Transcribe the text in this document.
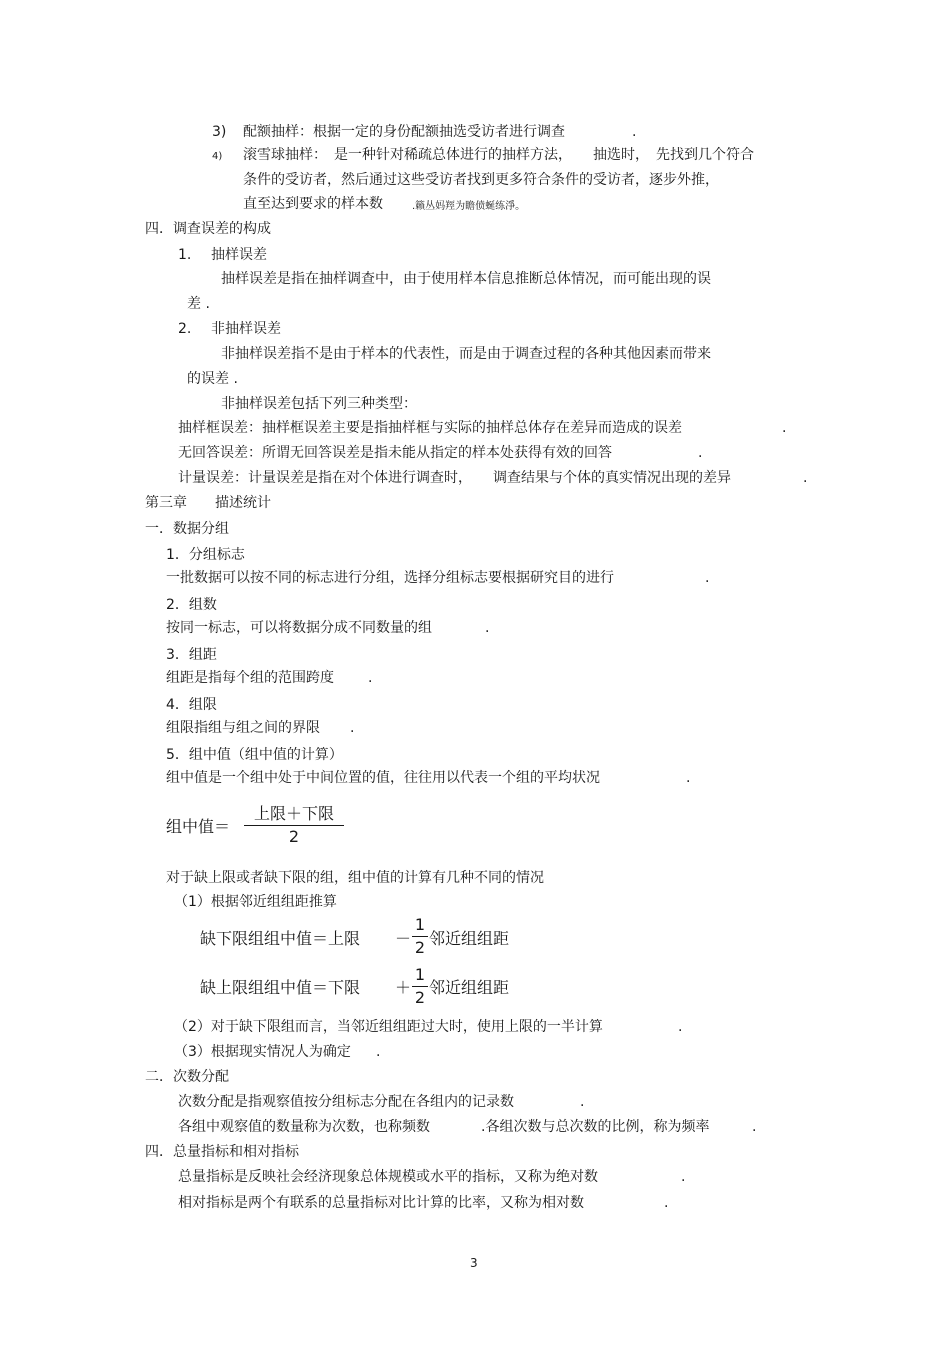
3) 配额抽样：根据一定的身份配额抽选受访者进行调查	.
4) 滚雪球抽样：　是一种针对稀疏总体进行的抽样方法，　　抽选时，　先找到几个符合
条件的受访者，然后通过这些受访者找到更多符合条件的受访者，逐步外推，
直至达到要求的样本数	.籟丛妈羥为瞻偾蜒练淨。
四．调查误差的构成
1. 抽样误差
抽样误差是指在抽样调查中，由于使用样本信息推断总体情况，而可能出现的误
差 .
2. 非抽样误差
非抽样误差指不是由于样本的代表性，而是由于调查过程的各种其他因素而带来
的误差 .
非抽样误差包括下列三种类型：
抽样框误差：抽样框误差主要是指抽样框与实际的抽样总体存在差异而造成的误差	.
无回答误差：所谓无回答误差是指未能从指定的样本处获得有效的回答	.
计量误差：计量误差是指在对个体进行调查时，　　调查结果与个体的真实情况出现的差异	.
第三章　　描述统计
一．数据分组
1．分组标志
一批数据可以按不同的标志进行分组，选择分组标志要根据研究目的进行	.
2．组数
按同一标志，可以将数据分成不同数量的组	.
3．组距
组距是指每个组的范围跨度 .
4．组限
组限指组与组之间的界限 .
5．组中值（组中值的计算）
组中值是一个组中处于中间位置的值，往往用以代表一个组的平均状况	.
组中值＝
上限＋下限
2
对于缺上限或者缺下限的组，组中值的计算有几种不同的情况
（1）根据邻近组组距推算
缺下限组组中值＝上限 －
1
2 邻近组组距
缺上限组组中值＝下限 ＋
1
2
邻近组组距
（2）对于缺下限组而言，当邻近组组距过大时，使用上限的一半计算	.
（3）根据现实情况人为确定 .
二．次数分配
次数分配是指观察值按分组标志分配在各组内的记录数	.
各组中观察值的数量称为次数，也称频数	.各组次数与总次数的比例，称为频率	.
四．总量指标和相对指标
总量指标是反映社会经济现象总体规模或水平的指标，又称为绝对数	.
相对指标是两个有联系的总量指标对比计算的比率，又称为相对数	.
3
